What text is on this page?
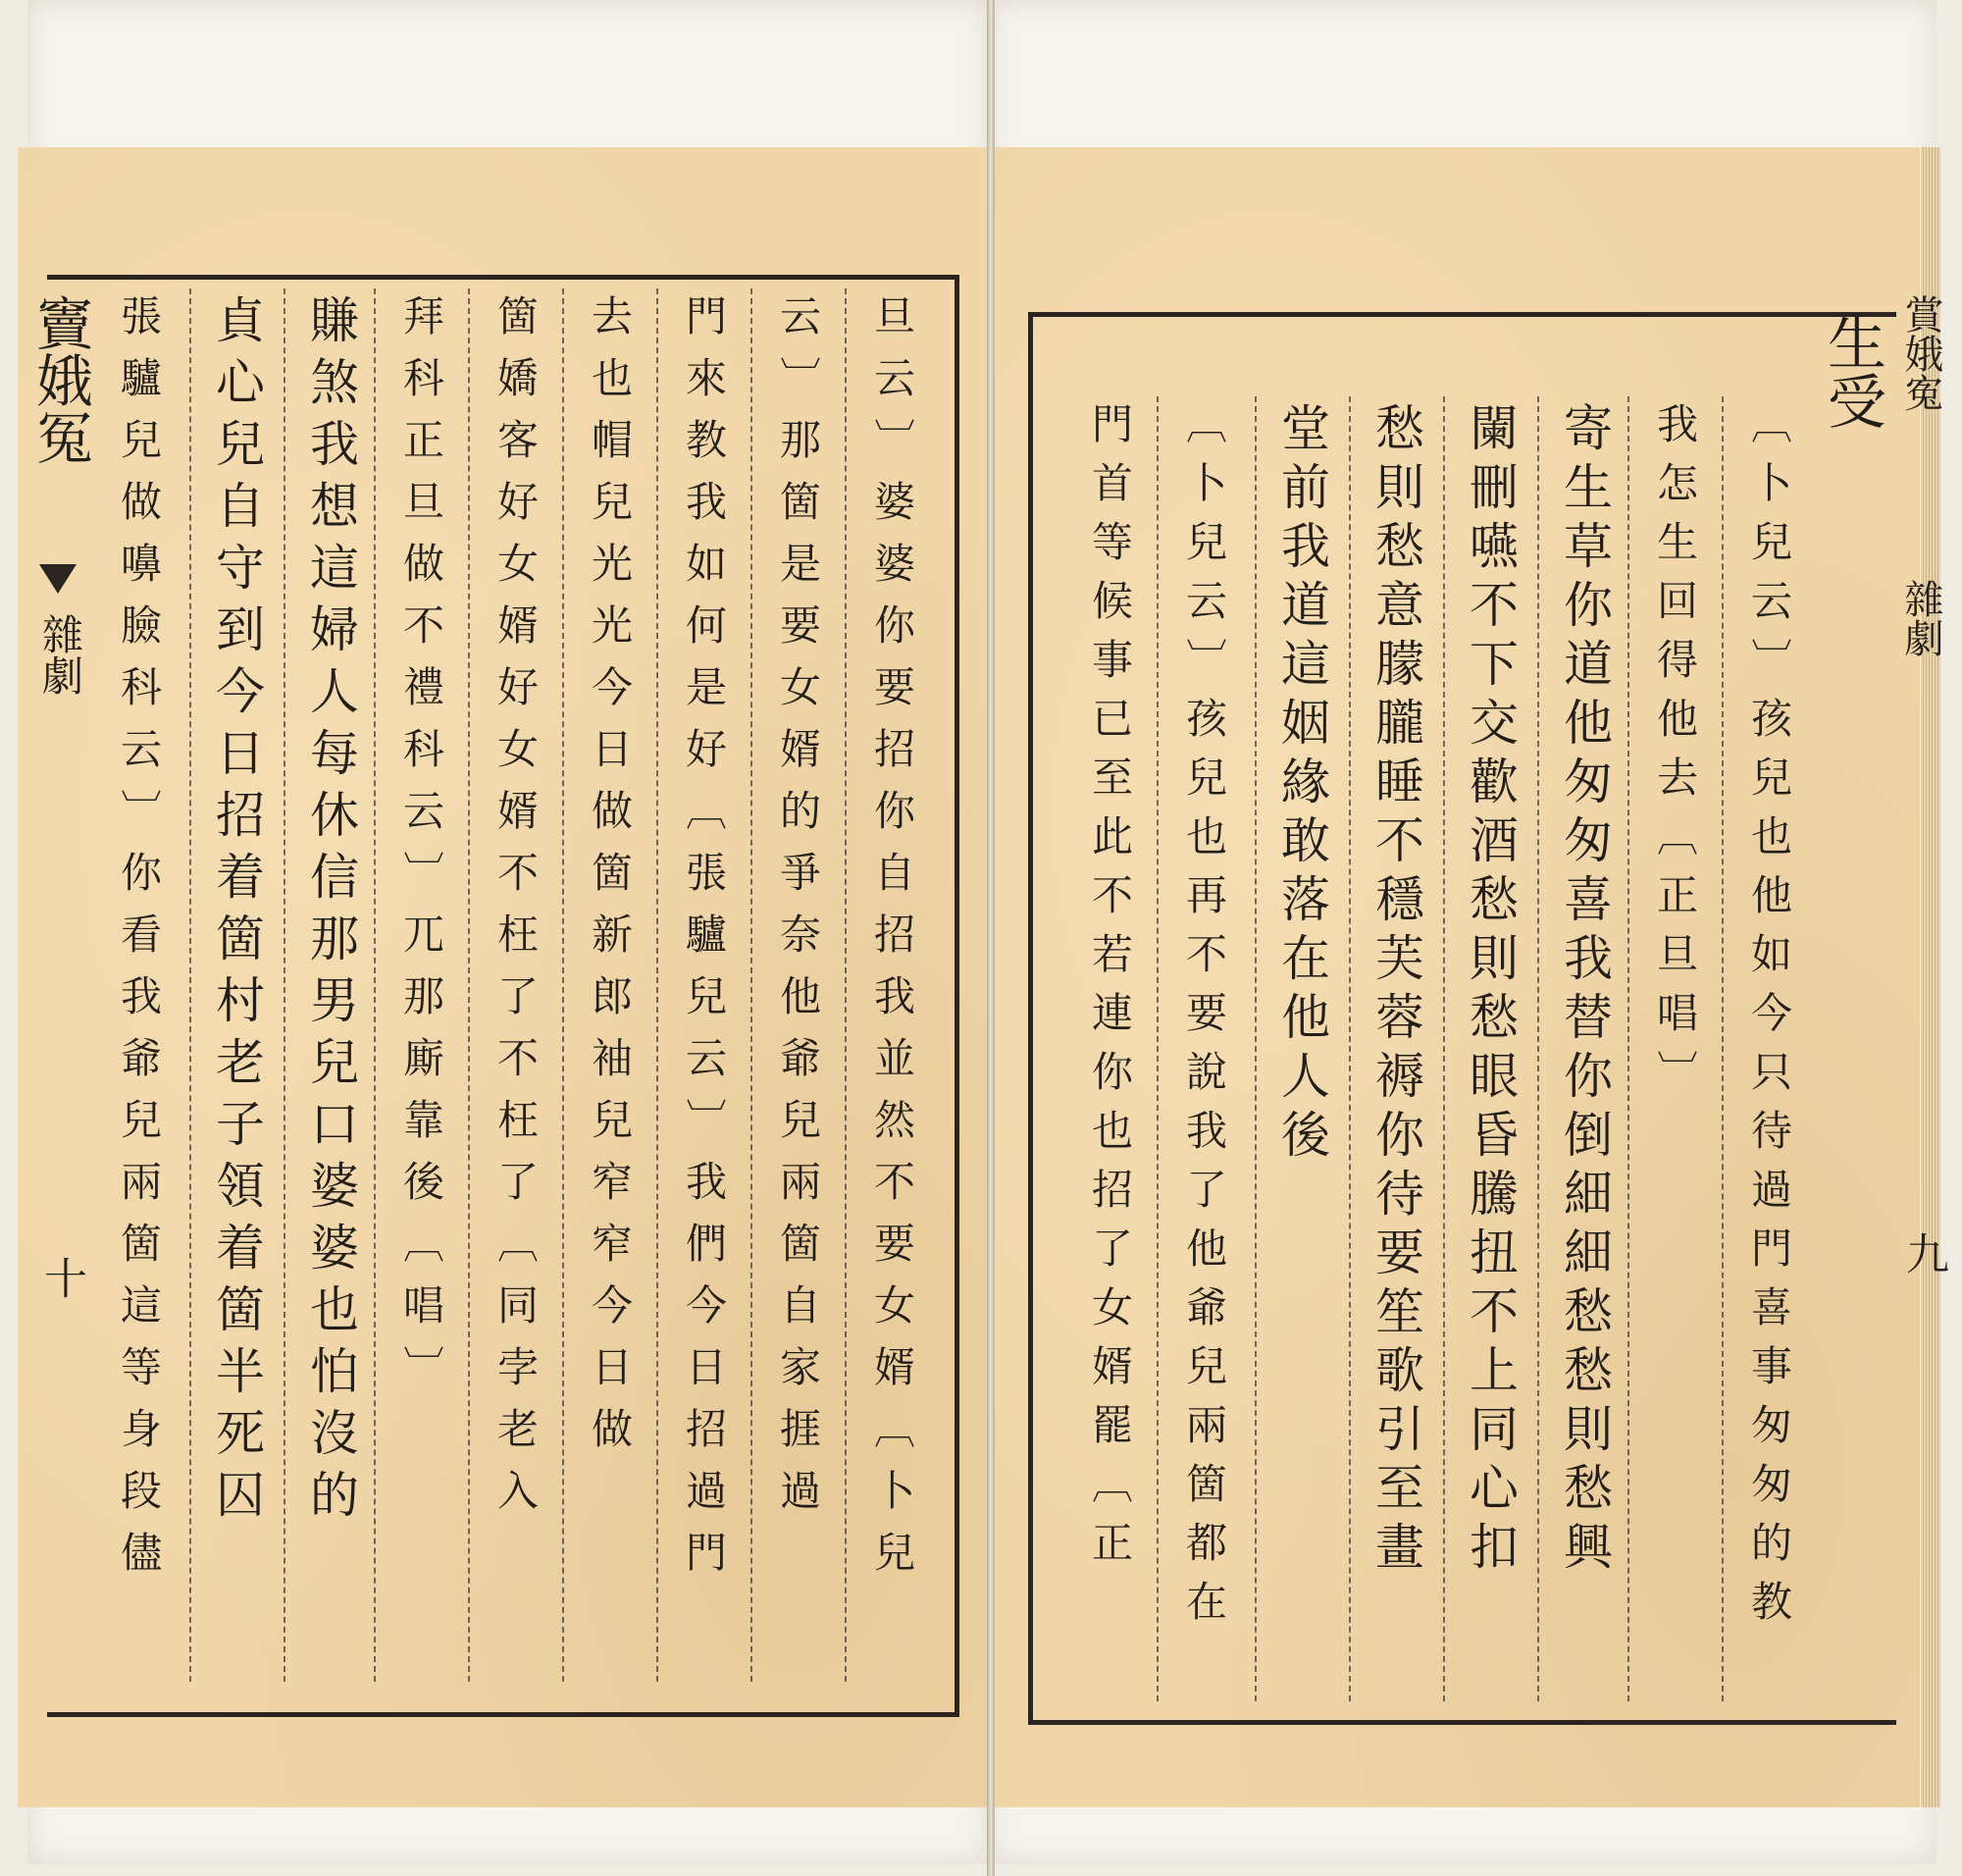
旦云〕婆婆你要招你自招我並然不要女婿〔卜兒
云〕那箇是要女婿的爭奈他爺兒兩箇自家捱過
門來教我如何是好〔張驢兒云〕我們今日招過門
去也帽兒光光今日做箇新郎袖兒窄窄今日做
箇嬌客好女婿好女婿不枉了不枉了〔同孛老入
拜科正旦做不禮科云〕兀那廝靠後〔唱〕
賺煞我想這婦人每休信那男兒口婆婆也怕沒的
貞心兒自守到今日招着箇村老子領着箇半死囚
張驢兒做嚊臉科云〕你看我爺兒兩箇這等身段儘
竇娥冤
雜劇
十	〔卜兒云〕孩兒也他如今只待過門喜事匆匆的教
我怎生回得他去〔正旦唱〕
寄生草你道他匆匆喜我替你倒細細愁愁則愁興
闌刪嚥不下交歡酒愁則愁眼昏騰扭不上同心扣
愁則愁意朦朧睡不穩芙蓉褥你待要笙歌引至畫
堂前我道這姻緣敢落在他人後
〔卜兒云〕孩兒也再不要說我了他爺兒兩箇都在
門首等候事已至此不若連你也招了女婿罷〔正
生受 賞娥寃
雜劇
九
